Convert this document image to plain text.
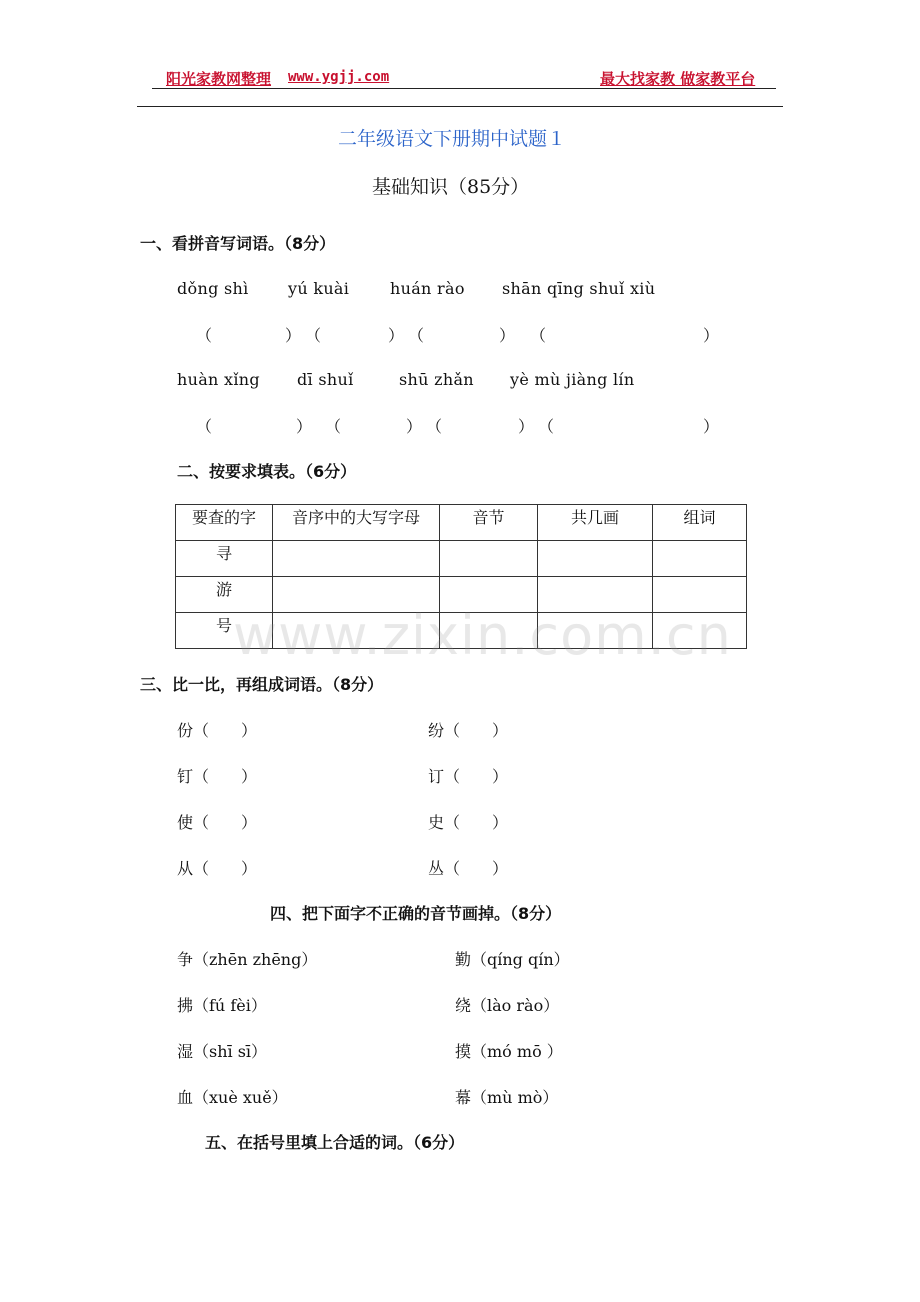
阳光家教网整理 www.ygjj.com	最大找家教 做家教平台
二年级语文下册期中试题１
基础知识（85分）
一、看拼音写词语。（8分）
dǒng shì yú kuài	huán rào shān qīng shuǐ xiù
（	） （	） （	） （	）
huàn xǐng dī shuǐ	shū zhǎn yè mù jiàng lín
（	） （	） （	） （	）
二、按要求填表。（6分）
要查的字	音序中的大写字母	音节	共几画	组词
寻				
游				
号				www.zixin.com.cn
三、比一比，再组成词语。（8分）
份（　　）	纷（　　）
钉（　　）	订（　　）
使（　　）	史（　　）
从（　　）	丛（　　）
四、把下面字不正确的音节画掉。（8分）
争（zhēn zhēng）	勤（qíng qín）
拂（fú fèi）	绕（lào rào）
湿（shī sī）	摸（mó mō ）
血（xuè xuě）	幕（mù mò）
五、在括号里填上合适的词。（6分）
